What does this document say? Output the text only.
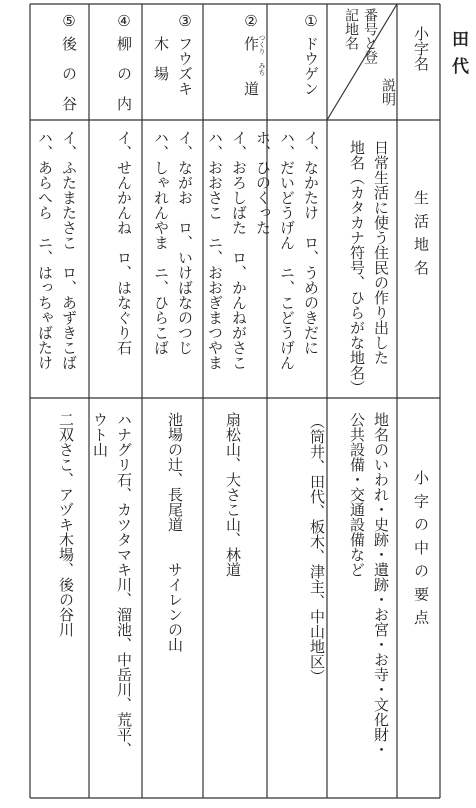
田代
小字名
番号と登記地名
説明
生活地名
小字の中の要点
日常生活に使う住民の作り出した
地名（カタカナ符号、ひらがな地名）
地名のいわれ・史跡・遺跡・お宮・お寺・文化財・
公共設備・交通設備など
（筒井、田代、板木、津主、中山地区）
①
ドウゲン
イ、なかたけ　ロ、うめのきだに
ハ、だいどうげん　ニ、こどうげん
ホ、ひのくった
②
作　　道
つくり　みち
イ、おろしばた　ロ、かんねがさこ
ハ、おおさこ　ニ、おおぎまつやま
扇松山、大さこ山、林道
③
フウズキ
木　場
イ、ながお　ロ、いけばなのつじ
ハ、しゃれんやま　ニ、ひらこば
池場の辻、長尾道　　サイレンの山
④
柳　の　内
イ、せんかんね　ロ、はなぐり石
ハナグリ石、カツタマキ川、溜池、中岳川、荒平、
ウト山
⑤
後　の　谷
イ、ふたまたさこ　ロ、あずきこば
ハ、あらへら　ニ、はっちゃばたけ
二双さこ、アヅキ木場、後の谷川
